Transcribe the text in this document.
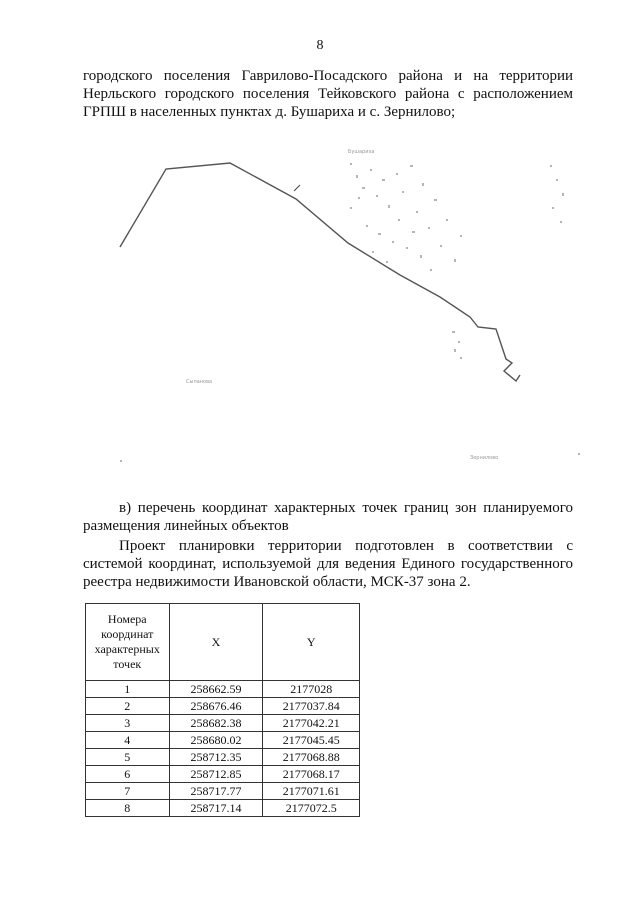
8

городского поселения Гаврилово-Посадского района и на территории Нерльского городского поселения Тейковского района с расположением ГРПШ в населенных пунктах д. Бушариха и с. Зернилово;

Бушариха
Сыпанова
Зернилово

в) перечень координат характерных точек границ зон планируемого размещения линейных объектов

Проект планировки территории подготовлен в соответствии с системой координат, используемой для ведения Единого государственного реестра недвижимости Ивановской области, МСК-37 зона 2.

Номера координат характерных точек	X	Y
1	258662.59	2177028
2	258676.46	2177037.84
3	258682.38	2177042.21
4	258680.02	2177045.45
5	258712.35	2177068.88
6	258712.85	2177068.17
7	258717.77	2177071.61
8	258717.14	2177072.5
